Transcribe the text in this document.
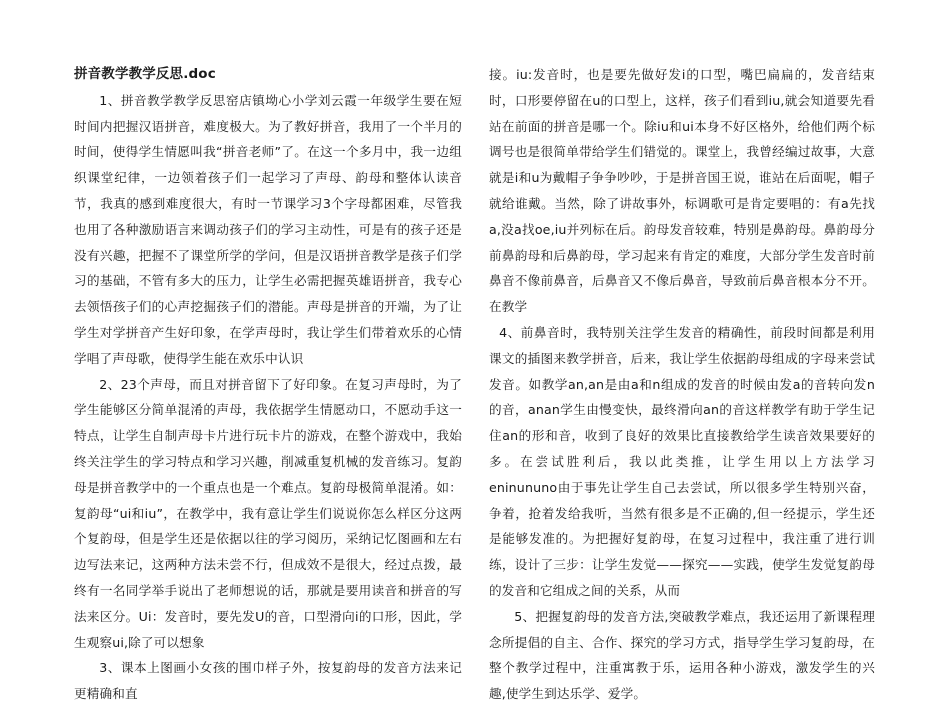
拼音教学教学反思.doc

1、拼音教学教学反思窑店镇坳心小学刘云霞一年级学生要在短时间内把握汉语拼音，难度极大。为了教好拼音，我用了一个半月的时间，使得学生情愿叫我“拼音老师”了。在这一个多月中，我一边组织课堂纪律，一边领着孩子们一起学习了声母、韵母和整体认读音节，我真的感到难度很大，有时一节课学习3个字母都困难，尽管我也用了各种激励语言来调动孩子们的学习主动性，可是有的孩子还是没有兴趣，把握不了课堂所学的学问，但是汉语拼音教学是孩子们学习的基础，不管有多大的压力，让学生必需把握英雄语拼音，我专心去领悟孩子们的心声挖掘孩子们的潜能。声母是拼音的开端，为了让学生对学拼音产生好印象，在学声母时，我让学生们带着欢乐的心情学唱了声母歌，使得学生能在欢乐中认识

2、23个声母，而且对拼音留下了好印象。在复习声母时，为了学生能够区分简单混淆的声母，我依据学生情愿动口，不愿动手这一特点，让学生自制声母卡片进行玩卡片的游戏，在整个游戏中，我始终关注学生的学习特点和学习兴趣，削减重复机械的发音练习。复韵母是拼音教学中的一个重点也是一个难点。复韵母极简单混淆。如：复韵母“ui和iu”，在教学中，我有意让学生们说说你怎么样区分这两个复韵母，但是学生还是依据以往的学习阅历，采纳记忆图画和左右边写法来记，这两种方法未尝不行，但成效不是很大，经过点拨，最终有一名同学举手说出了老师想说的话，那就是要用读音和拼音的写法来区分。Ui：发音时，要先发U的音，口型滑向i的口形，因此，学生观察ui,除了可以想象

3、课本上图画小女孩的围巾样子外，按复韵母的发音方法来记更精确和直

接。iu:发音时，也是要先做好发i的口型，嘴巴扁扁的，发音结束时，口形要停留在u的口型上，这样，孩子们看到iu,就会知道要先看站在前面的拼音是哪一个。除iu和ui本身不好区格外，给他们两个标调号也是很简单带给学生们错觉的。课堂上，我曾经编过故事，大意就是i和u为戴帽子争争吵吵，于是拼音国王说，谁站在后面呢，帽子就给谁戴。当然，除了讲故事外，标调歌可是肯定要唱的：有a先找a,没a找oe,iu并列标在后。韵母发音较难，特别是鼻韵母。鼻韵母分前鼻韵母和后鼻韵母，学习起来有肯定的难度，大部分学生发音时前鼻音不像前鼻音，后鼻音又不像后鼻音，导致前后鼻音根本分不开。在教学

4、前鼻音时，我特别关注学生发音的精确性，前段时间都是利用课文的插图来教学拼音，后来，我让学生依据韵母组成的字母来尝试发音。如教学an,an是由a和n组成的发音的时候由发a的音转向发n的音，anan学生由慢变快，最终滑向an的音这样教学有助于学生记住an的形和音，收到了良好的效果比直接教给学生读音效果要好的多。在尝试胜利后，我以此类推，让学生用以上方法学习eninununo由于事先让学生自己去尝试，所以很多学生特别兴奋，争着，抢着发给我听，当然有很多是不正确的,但一经提示，学生还是能够发准的。为把握好复韵母，在复习过程中，我注重了进行训练，设计了三步：让学生发觉——探究——实践，使学生发觉复韵母的发音和它组成之间的关系，从而

5、把握复韵母的发音方法,突破教学难点，我还运用了新课程理念所提倡的自主、合作、探究的学习方式，指导学生学习复韵母，在整个教学过程中，注重寓教于乐，运用各种小游戏，激发学生的兴趣,使学生到达乐学、爱学。
